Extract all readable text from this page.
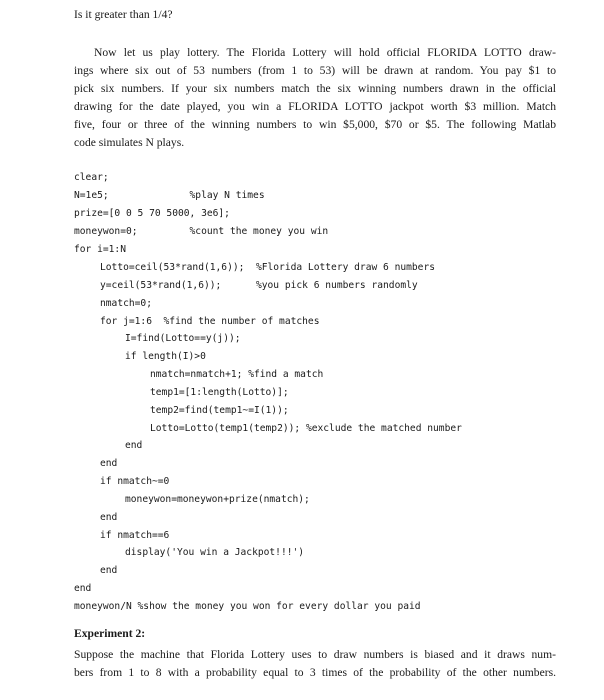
Is it greater than 1/4?
Now let us play lottery. The Florida Lottery will hold official FLORIDA LOTTO draw-
ings where six out of 53 numbers (from 1 to 53) will be drawn at random. You pay $1 to
pick six numbers. If your six numbers match the six winning numbers drawn in the official
drawing for the date played, you win a FLORIDA LOTTO jackpot worth $3 million. Match
five, four or three of the winning numbers to win $5,000, $70 or $5. The following Matlab
code simulates N plays.
clear;
N=1e5;              %play N times
prize=[0 0 5 70 5000, 3e6];
moneywon=0;         %count the money you win
for i=1:N
Lotto=ceil(53*rand(1,6));  %Florida Lottery draw 6 numbers
y=ceil(53*rand(1,6));      %you pick 6 numbers randomly
nmatch=0;
for j=1:6  %find the number of matches
I=find(Lotto==y(j));
if length(I)>0
nmatch=nmatch+1; %find a match
temp1=[1:length(Lotto)];
temp2=find(temp1~=I(1));
Lotto=Lotto(temp1(temp2)); %exclude the matched number
end
end
if nmatch~=0
moneywon=moneywon+prize(nmatch);
end
if nmatch==6
display('You win a Jackpot!!!')
end
end
moneywon/N %show the money you won for every dollar you paid
Experiment 2:
Suppose the machine that Florida Lottery uses to draw numbers is biased and it draws num-
bers from 1 to 8 with a probability equal to 3 times of the probability of the other numbers.
